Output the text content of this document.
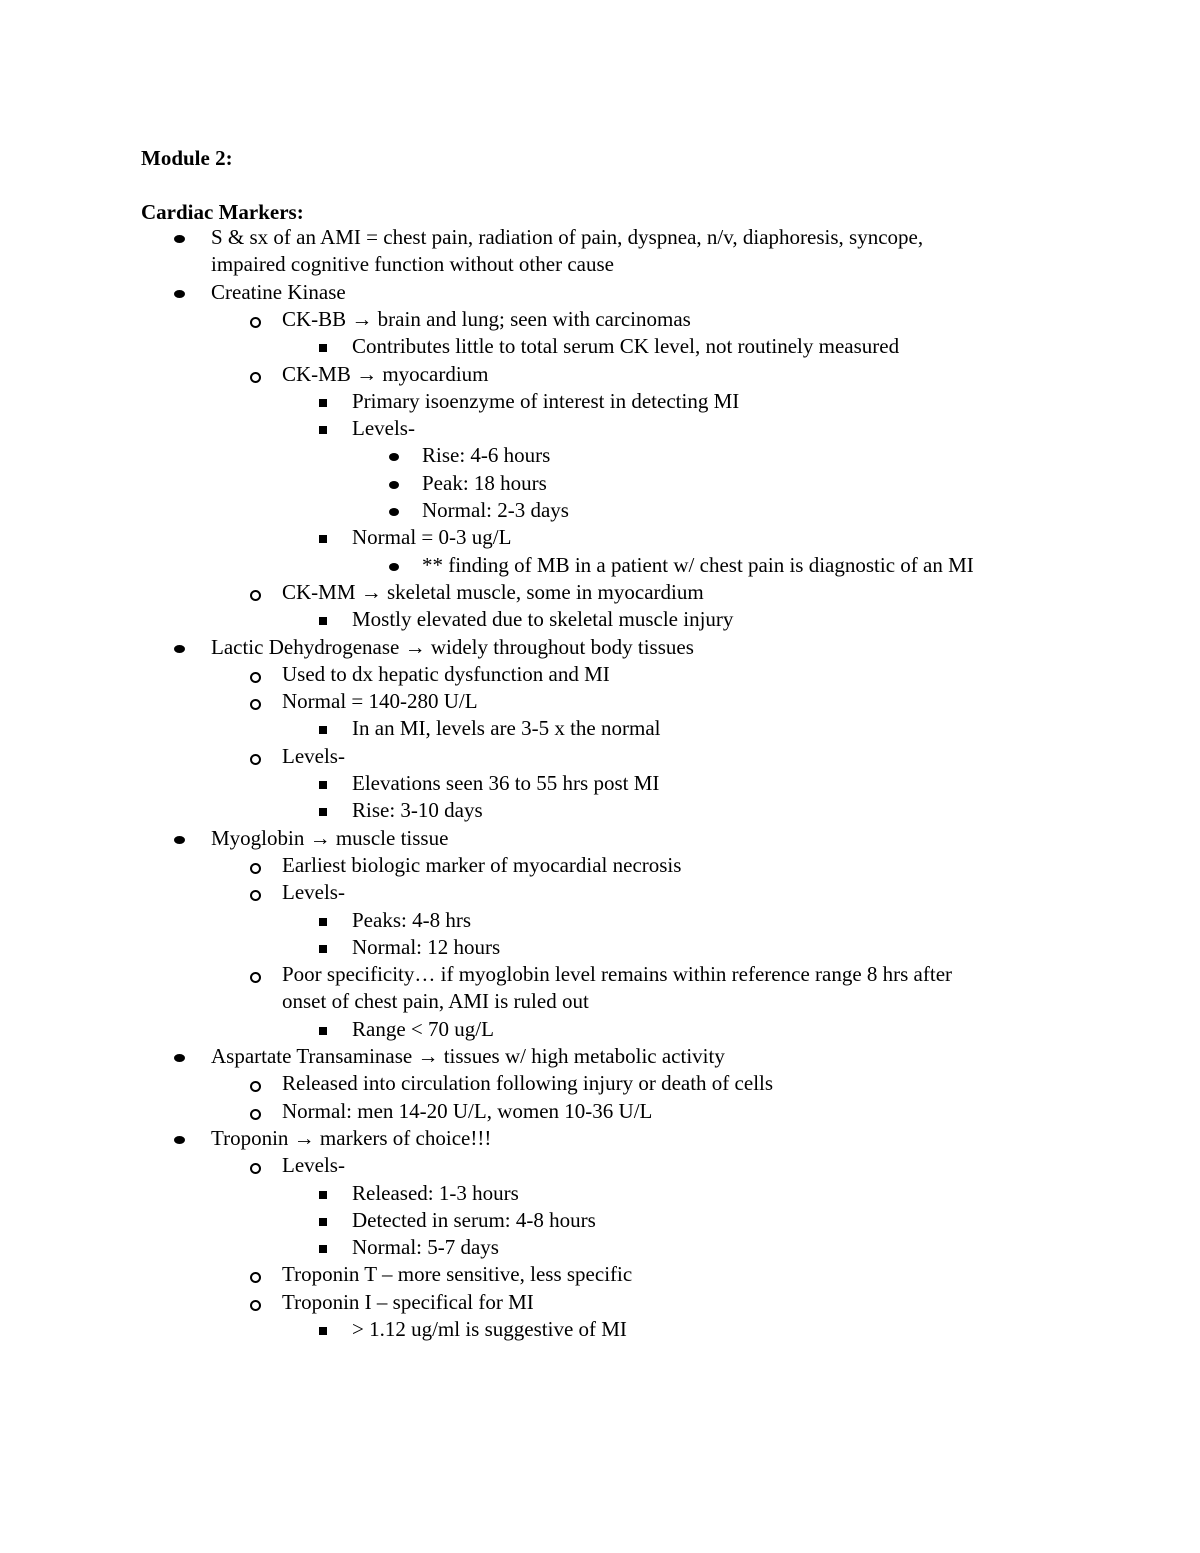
Module 2:
Cardiac Markers:
S & sx of an AMI = chest pain, radiation of pain, dyspnea, n/v, diaphoresis, syncope,
impaired cognitive function without other cause
Creatine Kinase
CK-BB → brain and lung; seen with carcinomas
Contributes little to total serum CK level, not routinely measured
CK-MB → myocardium
Primary isoenzyme of interest in detecting MI
Levels-
Rise: 4-6 hours
Peak: 18 hours
Normal: 2-3 days
Normal = 0-3 ug/L
** finding of MB in a patient w/ chest pain is diagnostic of an MI
CK-MM → skeletal muscle, some in myocardium
Mostly elevated due to skeletal muscle injury
Lactic Dehydrogenase → widely throughout body tissues
Used to dx hepatic dysfunction and MI
Normal = 140-280 U/L
In an MI, levels are 3-5 x the normal
Levels-
Elevations seen 36 to 55 hrs post MI
Rise: 3-10 days
Myoglobin → muscle tissue
Earliest biologic marker of myocardial necrosis
Levels-
Peaks: 4-8 hrs
Normal: 12 hours
Poor specificity… if myoglobin level remains within reference range 8 hrs after
onset of chest pain, AMI is ruled out
Range < 70 ug/L
Aspartate Transaminase → tissues w/ high metabolic activity
Released into circulation following injury or death of cells
Normal: men 14-20 U/L, women 10-36 U/L
Troponin → markers of choice!!!
Levels-
Released: 1-3 hours
Detected in serum: 4-8 hours
Normal: 5-7 days
Troponin T – more sensitive, less specific
Troponin I – specifical for MI
> 1.12 ug/ml is suggestive of MI
